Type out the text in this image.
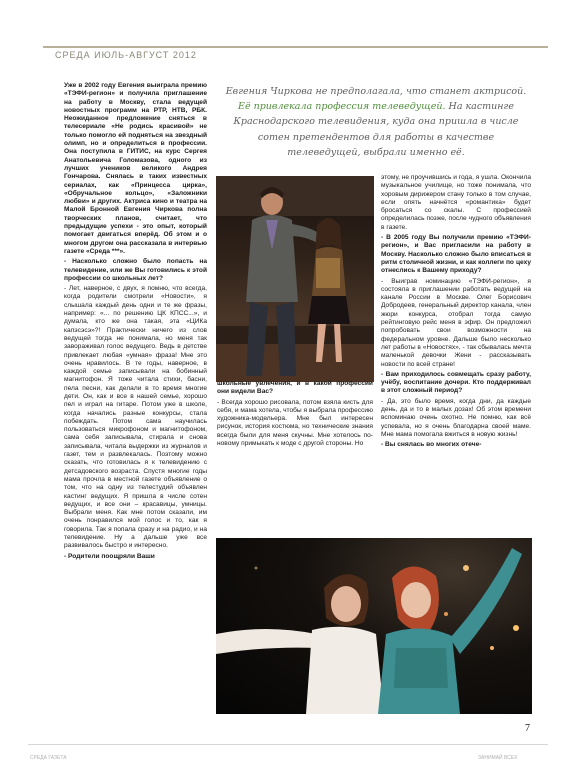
СРЕДА ИЮЛЬ-АВГУСТ 2012

Уже в 2002 году Евгения выиграла премию «ТЭФИ-регион» и получила приглашение на работу в Москву, стала ведущей новостных программ на РТР, НТВ, РБК. Неожиданное предложение сняться в телесериале «Не родись красивой» не только помогло ей подняться на звездный олимп, но и определиться в профессии. Она поступила в ГИТИС, на курс Сергея Анатольевича Голомазова, одного из лучших учеников великого Андрея Гончарова. Снялась в таких известных сериалах, как «Принцесса цирка», «Обручальное кольцо», «Заложники любви» и других. Актриса кино и театра на Малой Бронной Евгения Чиркова полна творческих планов, считает, что предыдущие успехи - это опыт, который помогает двигаться вперёд. Об этом и о многом другом она рассказала в интервью газете «Среда ***».

- Насколько сложно было попасть на телевидение, или же Вы готовились к этой профессии со школьных лет?

- Лет, наверное, с двух, я помню, что всегда, когда родители смотрели «Новости», я слышала каждый день одни и те же фразы, например: «... по решению ЦК КПСС...», и думала, кто же она такая, эта «ЦИКа капэсэсэ»?! Практически ничего из слов ведущей тогда не понимала, но меня так завораживал голос ведущего. Ведь в детстве привлекает любая «умная» фраза! Мне это очень нравилось. В те годы, наверное, в каждой семье записывали на бобинный магнитофон. Я тоже читала стихи, басни, пела песни, как делали в то время многие дети. Он, как и все в нашей семье, хорошо пел и играл на гитаре. Потом уже в школе, когда начались разные конкурсы, стала побеждать. Потом сама научилась пользоваться микрофоном и магнитофоном, сама себя записывала, стирала и снова записывала, читала выдержки из журналов и газет, тем и развлекалась. Поэтому можно сказать, что готовилась я к телевидению с детсадовского возраста. Спустя многие годы мама прочла в местной газете объявление о том, что на одну из телестудий объявлен кастинг ведущих. Я пришла в числе сотен ведущих, и все они – красавицы, умницы. Выбрали меня. Как мне потом сказали, им очень понравился мой голос и то, как я говорила. Так я попала сразу и на радио, и на телевидение. Ну а дальше уже все развивалось быстро и интересно.

- Родители поощряли Ваши

Евгения Чиркова не предполагала, что станет актрисой. Её привлекала профессия телеведущей. На кастинге Краснодарского телевидения, куда она пришла в числе сотен претендентов для работы в качестве телеведущей, выбрали именно её.

школьные увлечения, и в какой профессии они видели Вас?

- Всегда хорошо рисовала, потом взяла кисть для себя, и мама хотела, чтобы я выбрала профессию художника-модельера. Мне был интересен рисунок, история костюма, но технические знания всегда были для меня скучны. Мне хотелось по-новому примыкать к моде с другой стороны. Но

этому, не проучившись и года, я ушла. Окончила музыкальное училище, но тоже понимала, что хоровым дирижером стану только в том случае, если опять начнётся «романтика» будет бросаться со скалы. С профессией определилась позже, после чудного объявления в газете.

- В 2005 году Вы получили премию «ТЭФИ-регион», и Вас пригласили на работу в Москву. Насколько сложно было вписаться в ритм столичной жизни, и как коллеги по цеху отнеслись к Вашему приходу?

- Выиграв номинацию «ТЭФИ-регион», я состояла в приглашении работать ведущей на канале России в Москве. Олег Борисович Добродеев, генеральный директор канала, член жюри конкурса, отобрал тогда самую рейтинговую рейс меня в эфир. Он предложил попробовать свои возможности на федеральном уровне. Дальше было несколько лет работы в «Новостях», - так сбывалась мечта маленькой девочки Жени - рассказывать новости по всей стране!

- Вам приходилось совмещать сразу работу, учёбу, воспитание дочери. Кто поддерживал в этот сложный период?

- Да, это было время, когда дни, да каждые день, да и то в малых дозах! Об этом времени вспоминаю очень охотно. Не помню, как всё успевала, но я очень благодарна своей маме. Мне мама помогала вжиться в новую жизнь!

- Вы снялась во многих отече-

7
СРЕДА ГАЗЕТА	ЗАНИМАЙ ВСЕХ
